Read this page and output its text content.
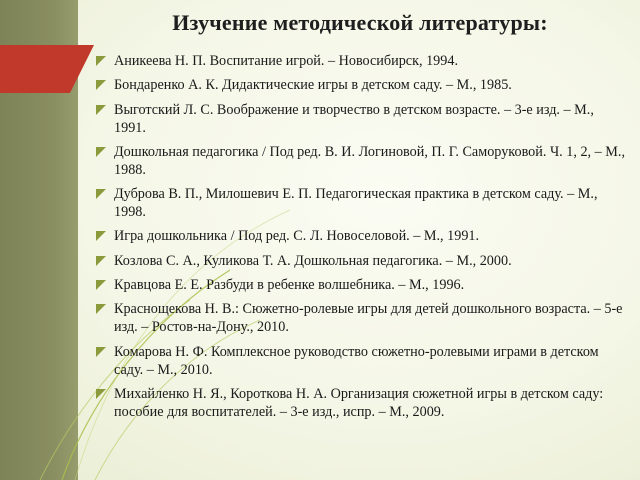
Изучение методической литературы:
Аникеева Н. П. Воспитание игрой. – Новосибирск, 1994.
Бондаренко А. К. Дидактические игры в детском саду. – М., 1985.
Выготский Л. С. Воображение и творчество в детском возрасте. – 3-е изд. – М., 1991.
Дошкольная педагогика / Под ред. В. И. Логиновой, П. Г. Саморуковой. Ч. 1, 2, – М., 1988.
Дуброва В. П., Милошевич Е. П. Педагогическая практика в детском саду. – М., 1998.
Игра дошкольника / Под ред. С. Л. Новоселовой. – М., 1991.
Козлова С. А., Куликова Т. А. Дошкольная педагогика. – М., 2000.
Кравцова Е. Е. Разбуди в ребенке волшебника. – М., 1996.
Краснощекова Н. В.: Сюжетно-ролевые игры для детей дошкольного возраста. – 5-е изд. – Ростов-на-Дону., 2010.
Комарова Н. Ф. Комплексное руководство сюжетно-ролевыми играми в детском саду. – М., 2010.
Михайленко Н. Я., Короткова Н. А. Организация сюжетной игры в детском саду: пособие для воспитателей. – 3-е изд., испр. – М., 2009.
